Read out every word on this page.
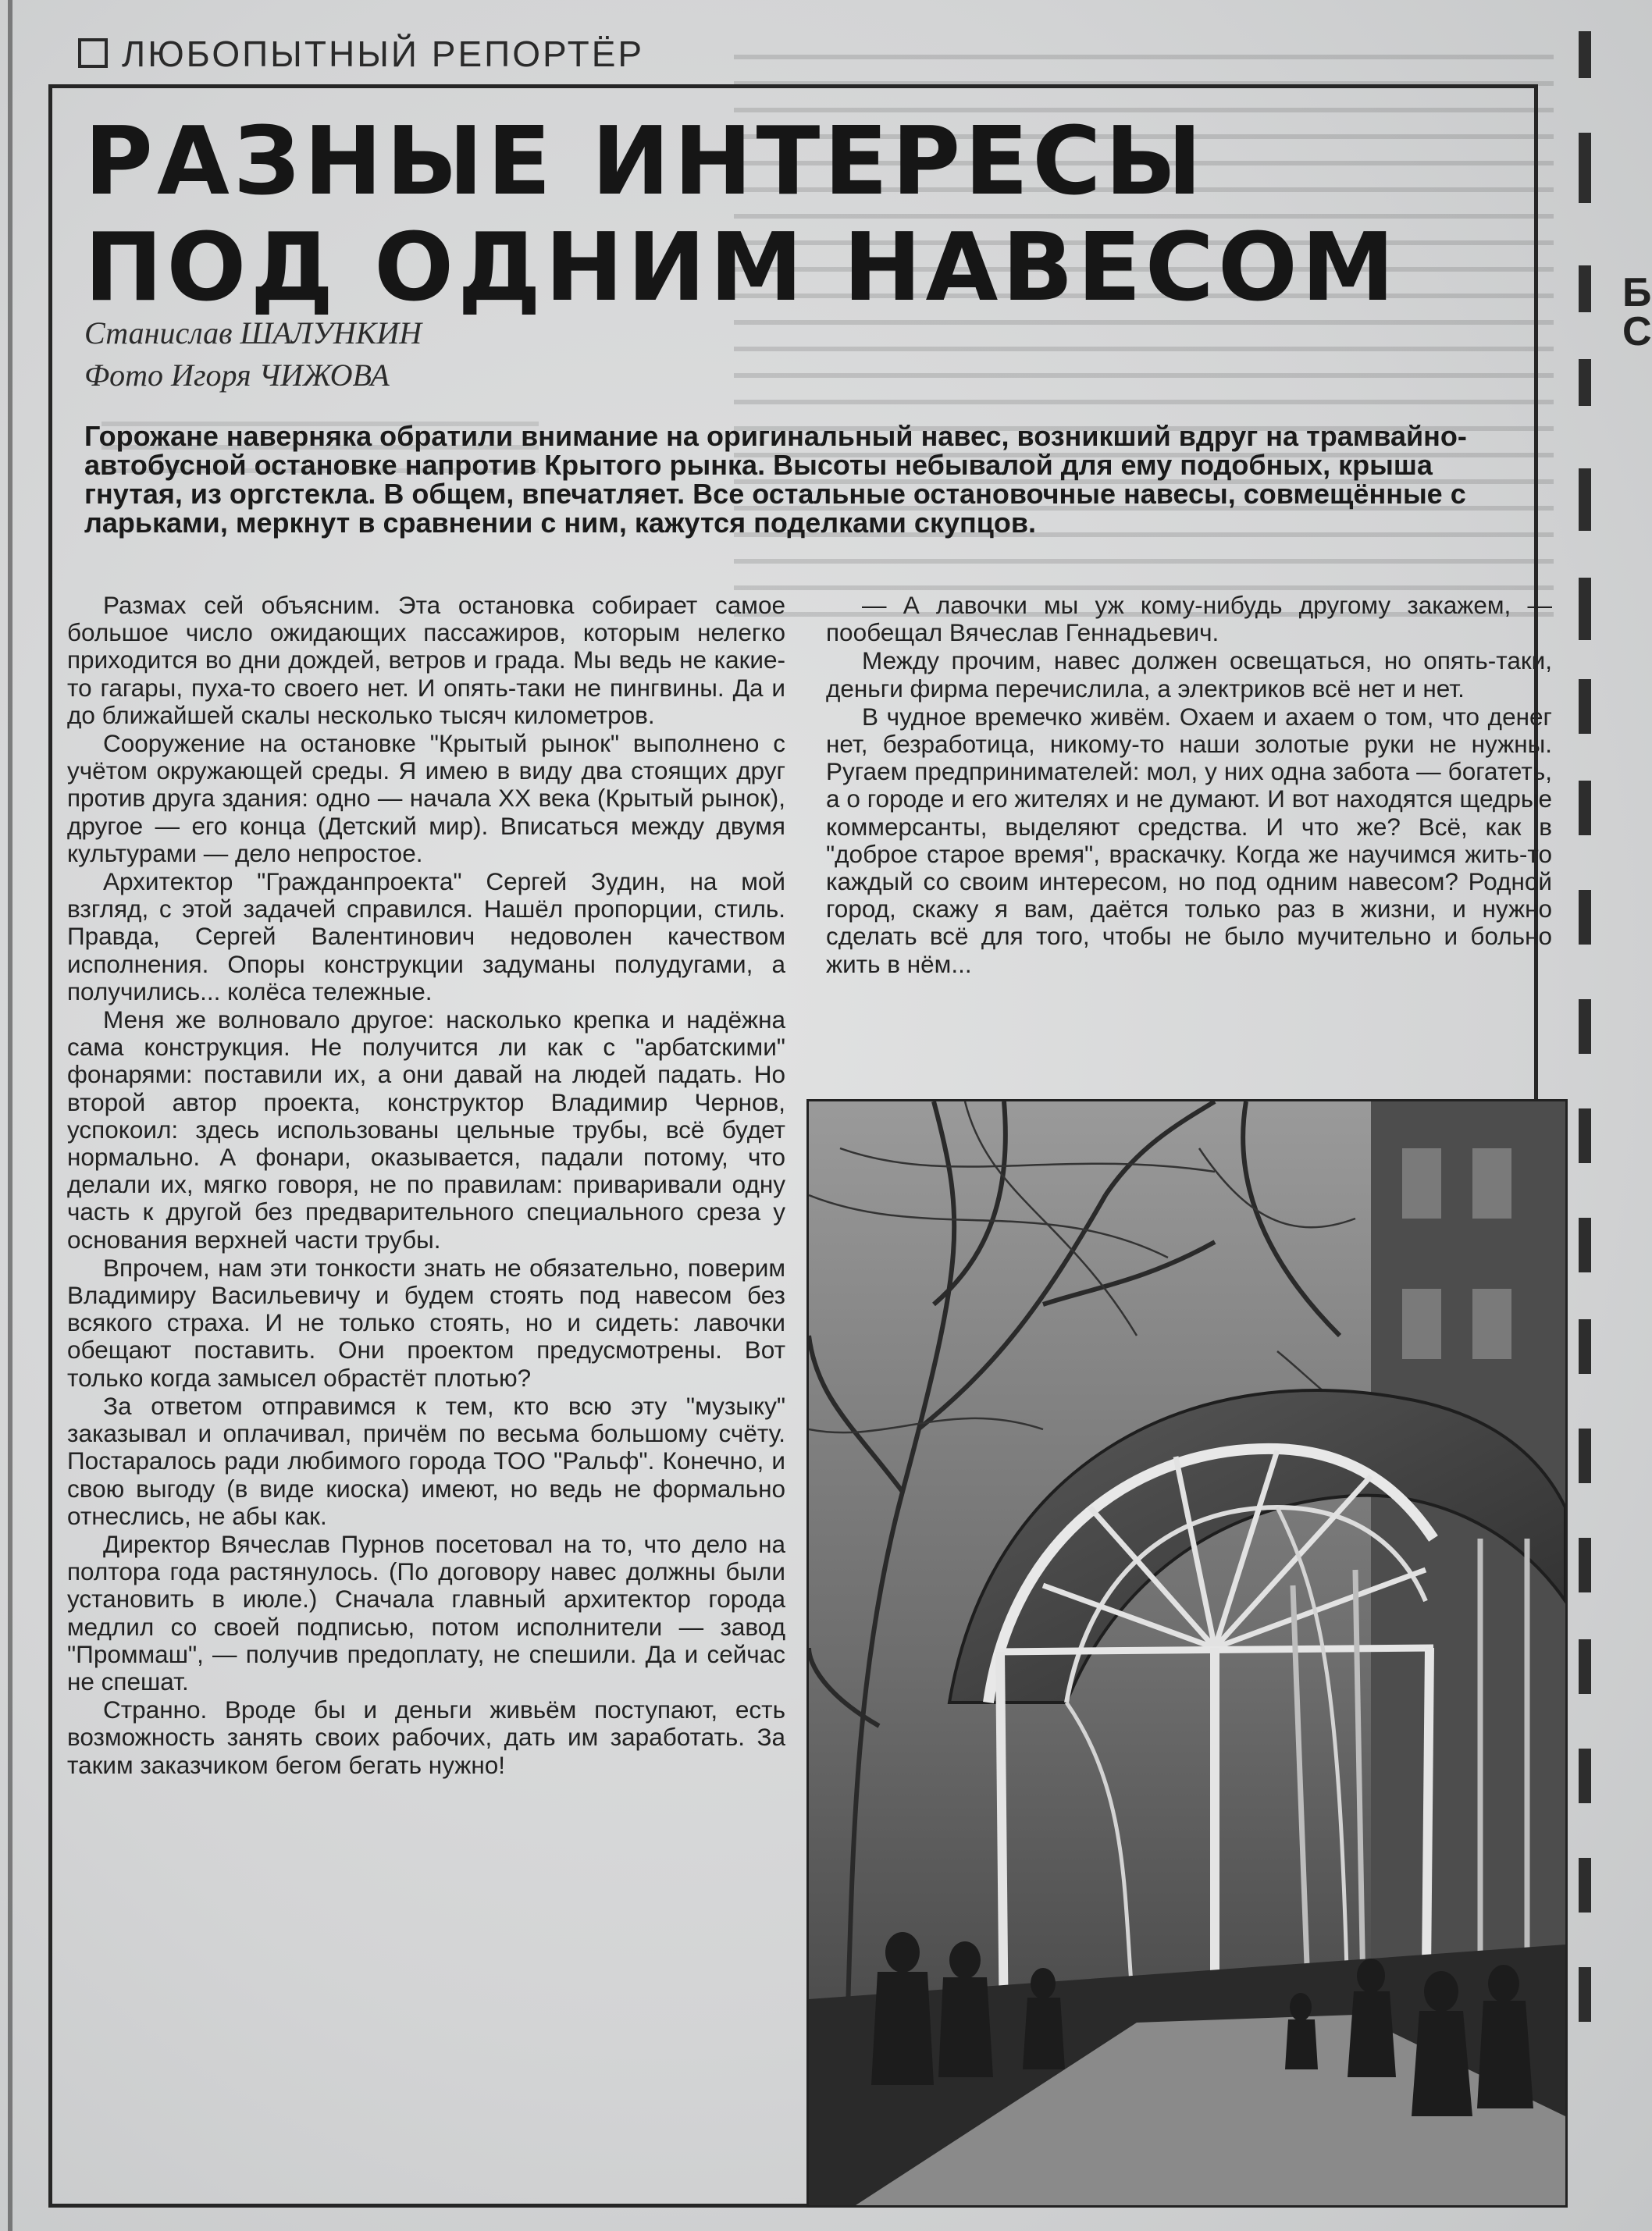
ЛЮБОПЫТНЫЙ РЕПОРТЁР
РАЗНЫЕ ИНТЕРЕСЫ
ПОД ОДНИМ НАВЕСОМ
Станислав ШАЛУНКИН
Фото Игоря ЧИЖОВА

Горожане наверняка обратили внимание на оригинальный навес, возникший вдруг на трамвайно-автобусной остановке напротив Крытого рынка. Высоты небывалой для ему подобных, крыша гнутая, из оргстекла. В общем, впечатляет. Все остальные остановочные навесы, совмещённые с ларьками, меркнут в сравнении с ним, кажутся поделками скупцов.

Размах сей объясним. Эта остановка собирает самое большое число ожидающих пассажиров, которым нелегко приходится во дни дождей, ветров и града. Мы ведь не какие-то гагары, пуха-то своего нет. И опять-таки не пингвины. Да и до ближайшей скалы несколько тысяч километров.

Сооружение на остановке "Крытый рынок" выполнено с учётом окружающей среды. Я имею в виду два стоящих друг против друга здания: одно — начала XX века (Крытый рынок), другое — его конца (Детский мир). Вписаться между двумя культурами — дело непростое.

Архитектор "Гражданпроекта" Сергей Зудин, на мой взгляд, с этой задачей справился. Нашёл пропорции, стиль. Правда, Сергей Валентинович недоволен качеством исполнения. Опоры конструкции задуманы полудугами, а получились... колёса тележные.

Меня же волновало другое: насколько крепка и надёжна сама конструкция. Не получится ли как с "арбатскими" фонарями: поставили их, а они давай на людей падать. Но второй автор проекта, конструктор Владимир Чернов, успокоил: здесь использованы цельные трубы, всё будет нормально. А фонари, оказывается, падали потому, что делали их, мягко говоря, не по правилам: приваривали одну часть к другой без предварительного специального среза у основания верхней части трубы.

Впрочем, нам эти тонкости знать не обязательно, поверим Владимиру Васильевичу и будем стоять под навесом без всякого страха. И не только стоять, но и сидеть: лавочки обещают поставить. Они проектом предусмотрены. Вот только когда замысел обрастёт плотью?

За ответом отправимся к тем, кто всю эту "музыку" заказывал и оплачивал, причём по весьма большому счёту. Постаралось ради любимого города ТОО "Ральф". Конечно, и свою выгоду (в виде киоска) имеют, но ведь не формально отнеслись, не абы как.

Директор Вячеслав Пурнов посетовал на то, что дело на полтора года растянулось. (По договору навес должны были установить в июле.) Сначала главный архитектор города медлил со своей подписью, потом исполнители — завод "Проммаш", — получив предоплату, не спешили. Да и сейчас не спешат.

Странно. Вроде бы и деньги живьём поступают, есть возможность занять своих рабочих, дать им заработать. За таким заказчиком бегом бегать нужно!

— А лавочки мы уж кому-нибудь другому закажем, — пообещал Вячеслав Геннадьевич.

Между прочим, навес должен освещаться, но опять-таки, деньги фирма перечислила, а электриков всё нет и нет.

В чудное времечко живём. Охаем и ахаем о том, что денег нет, безработица, никому-то наши золотые руки не нужны. Ругаем предпринимателей: мол, у них одна забота — богатеть, а о городе и его жителях и не думают. И вот находятся щедрые коммерсанты, выделяют средства. И что же? Всё, как в "доброе старое время", враскачку. Когда же научимся жить-то каждый со своим интересом, но под одним навесом? Родной город, скажу я вам, даётся только раз в жизни, и нужно сделать всё для того, чтобы не было мучительно и больно жить в нём...

Б
С
